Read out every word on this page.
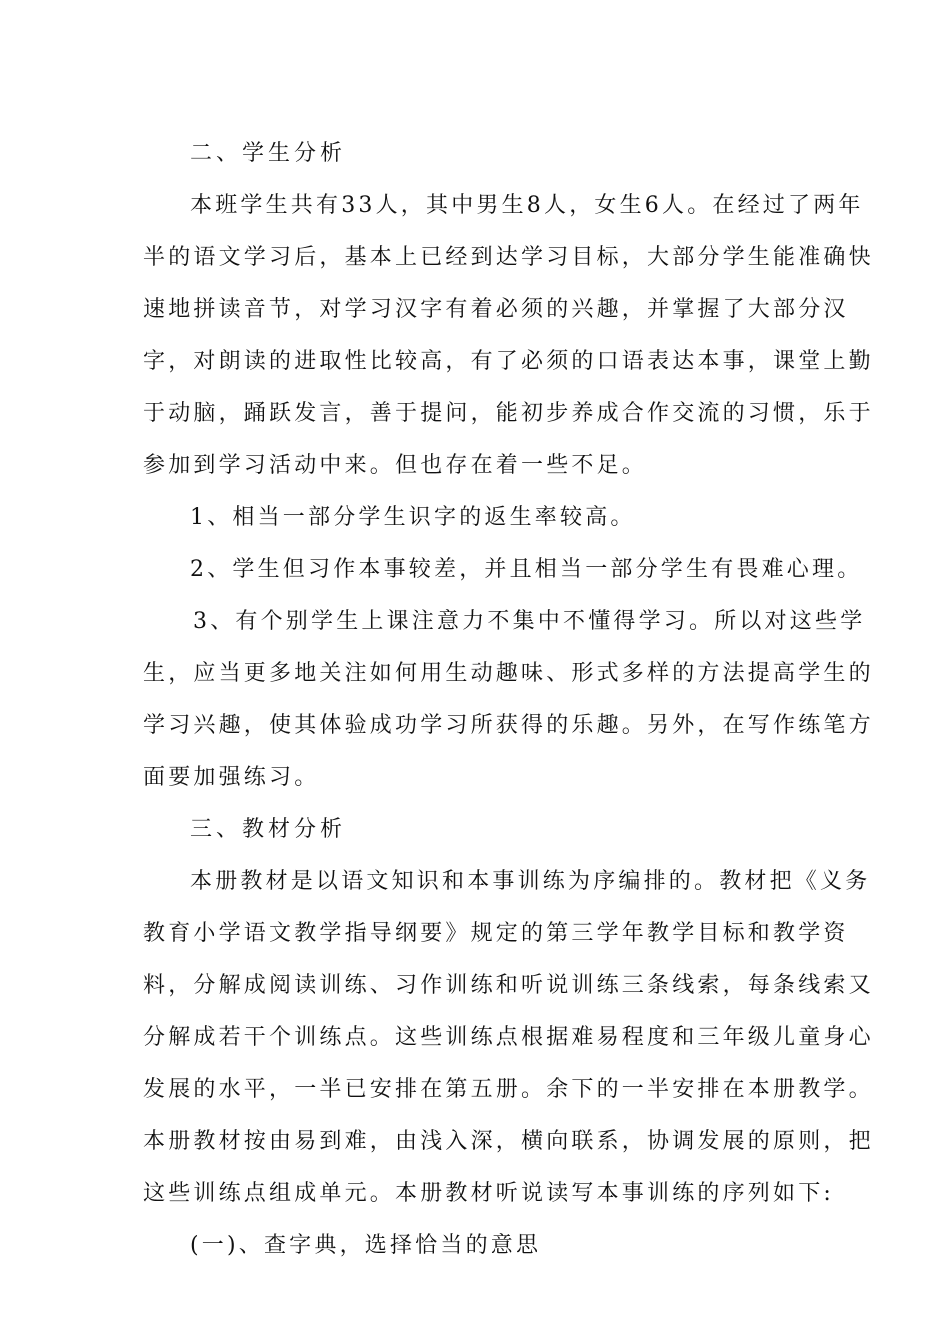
二、学生分析
本班学生共有33人，其中男生8人，女生6人。在经过了两年
半的语文学习后，基本上已经到达学习目标，大部分学生能准确快
速地拼读音节，对学习汉字有着必须的兴趣，并掌握了大部分汉
字，对朗读的进取性比较高，有了必须的口语表达本事，课堂上勤
于动脑，踊跃发言，善于提问，能初步养成合作交流的习惯，乐于
参加到学习活动中来。但也存在着一些不足。
1、相当一部分学生识字的返生率较高。
2、学生但习作本事较差，并且相当一部分学生有畏难心理。
3、有个别学生上课注意力不集中不懂得学习。所以对这些学
生，应当更多地关注如何用生动趣味、形式多样的方法提高学生的
学习兴趣，使其体验成功学习所获得的乐趣。另外，在写作练笔方
面要加强练习。
三、教材分析
本册教材是以语文知识和本事训练为序编排的。教材把《义务
教育小学语文教学指导纲要》规定的第三学年教学目标和教学资
料，分解成阅读训练、习作训练和听说训练三条线索，每条线索又
分解成若干个训练点。这些训练点根据难易程度和三年级儿童身心
发展的水平，一半已安排在第五册。余下的一半安排在本册教学。
本册教材按由易到难，由浅入深，横向联系，协调发展的原则，把
这些训练点组成单元。本册教材听说读写本事训练的序列如下:
(一)、查字典，选择恰当的意思
